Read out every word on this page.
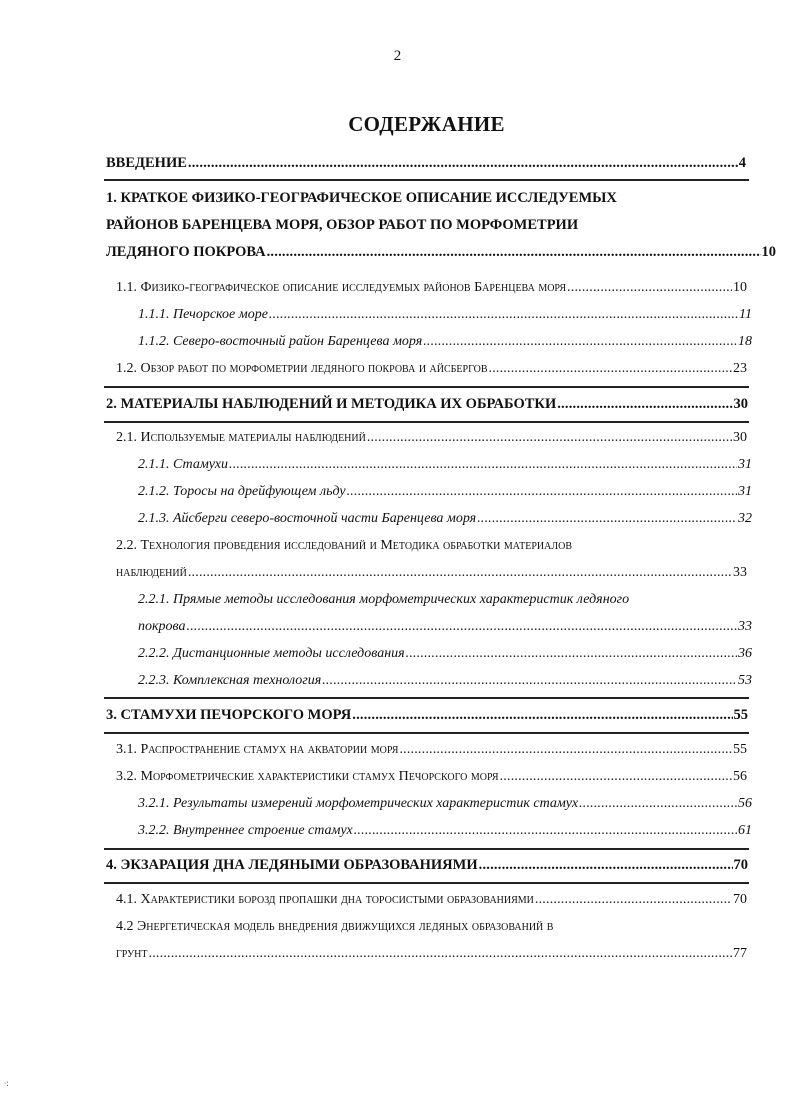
2
СОДЕРЖАНИЕ
ВВЕДЕНИЕ .....	4
1. КРАТКОЕ ФИЗИКО-ГЕОГРАФИЧЕСКОЕ ОПИСАНИЕ ИССЛЕДУЕМЫХ
РАЙОНОВ БАРЕНЦЕВА МОРЯ, ОБЗОР РАБОТ ПО МОРФОМЕТРИИ
ЛЕДЯНОГО ПОКРОВА .....	10
1.1. Физико-географическое описание исследуемых районов Баренцева моря .....	10
1.1.1. Печорское море .....	11
1.1.2. Северо-восточный район Баренцева моря .....	18
1.2. Обзор работ по морфометрии ледяного покрова и айсбергов .....	23
2. МАТЕРИАЛЫ НАБЛЮДЕНИЙ И МЕТОДИКА ИХ ОБРАБОТКИ .....	30
2.1. Используемые материалы наблюдений .....	30
2.1.1. Стамухи .....	31
2.1.2. Торосы на дрейфующем льду .....	31
2.1.3. Айсберги северо-восточной части Баренцева моря .....	32
2.2. Технология проведения исследований и Методика обработки материалов
наблюдений .....	33
2.2.1. Прямые методы исследования морфометрических характеристик ледяного
покрова .....	33
2.2.2. Дистанционные методы исследования .....	36
2.2.3. Комплексная технология .....	53
3. СТАМУХИ ПЕЧОРСКОГО МОРЯ .....	55
3.1. Распространение стамух на акватории моря .....	55
3.2. Морфометрические характеристики стамух Печорского моря .....	56
3.2.1. Результаты измерений морфометрических характеристик стамух .....	56
3.2.2. Внутреннее строение стамух .....	61
4. ЭКЗАРАЦИЯ ДНА ЛЕДЯНЫМИ ОБРАЗОВАНИЯМИ .....	70
4.1. Характеристики борозд пропашки дна торосистыми образованиями .....	70
4.2 Энергетическая модель внедрения движущихся ледяных образований в
грунт .....	77
∙:
